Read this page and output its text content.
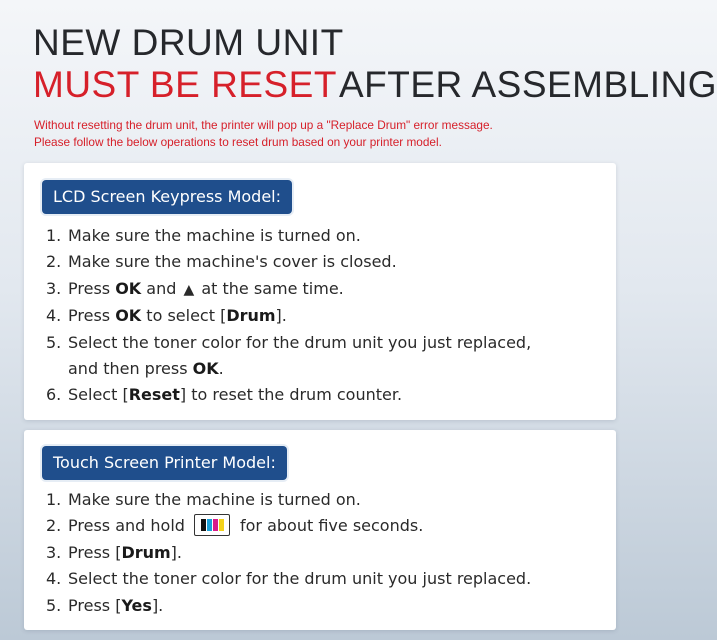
NEW DRUM UNIT
MUST BE RESETAFTER ASSEMBLING
Without resetting the drum unit, the printer will pop up a "Replace Drum" error message.
Please follow the below operations to reset drum based on your printer model.
LCD Screen Keypress Model:
1. Make sure the machine is turned on.
2. Make sure the machine's cover is closed.
3. Press OK and ▲ at the same time.
4. Press OK to select [Drum].
5. Select the toner color for the drum unit you just replaced,
and then press OK.
6. Select [Reset] to reset the drum counter.
Touch Screen Printer Model:
1. Make sure the machine is turned on.
2. Press and hold	for about five seconds.
3. Press [Drum].
4. Select the toner color for the drum unit you just replaced.
5. Press [Yes].
